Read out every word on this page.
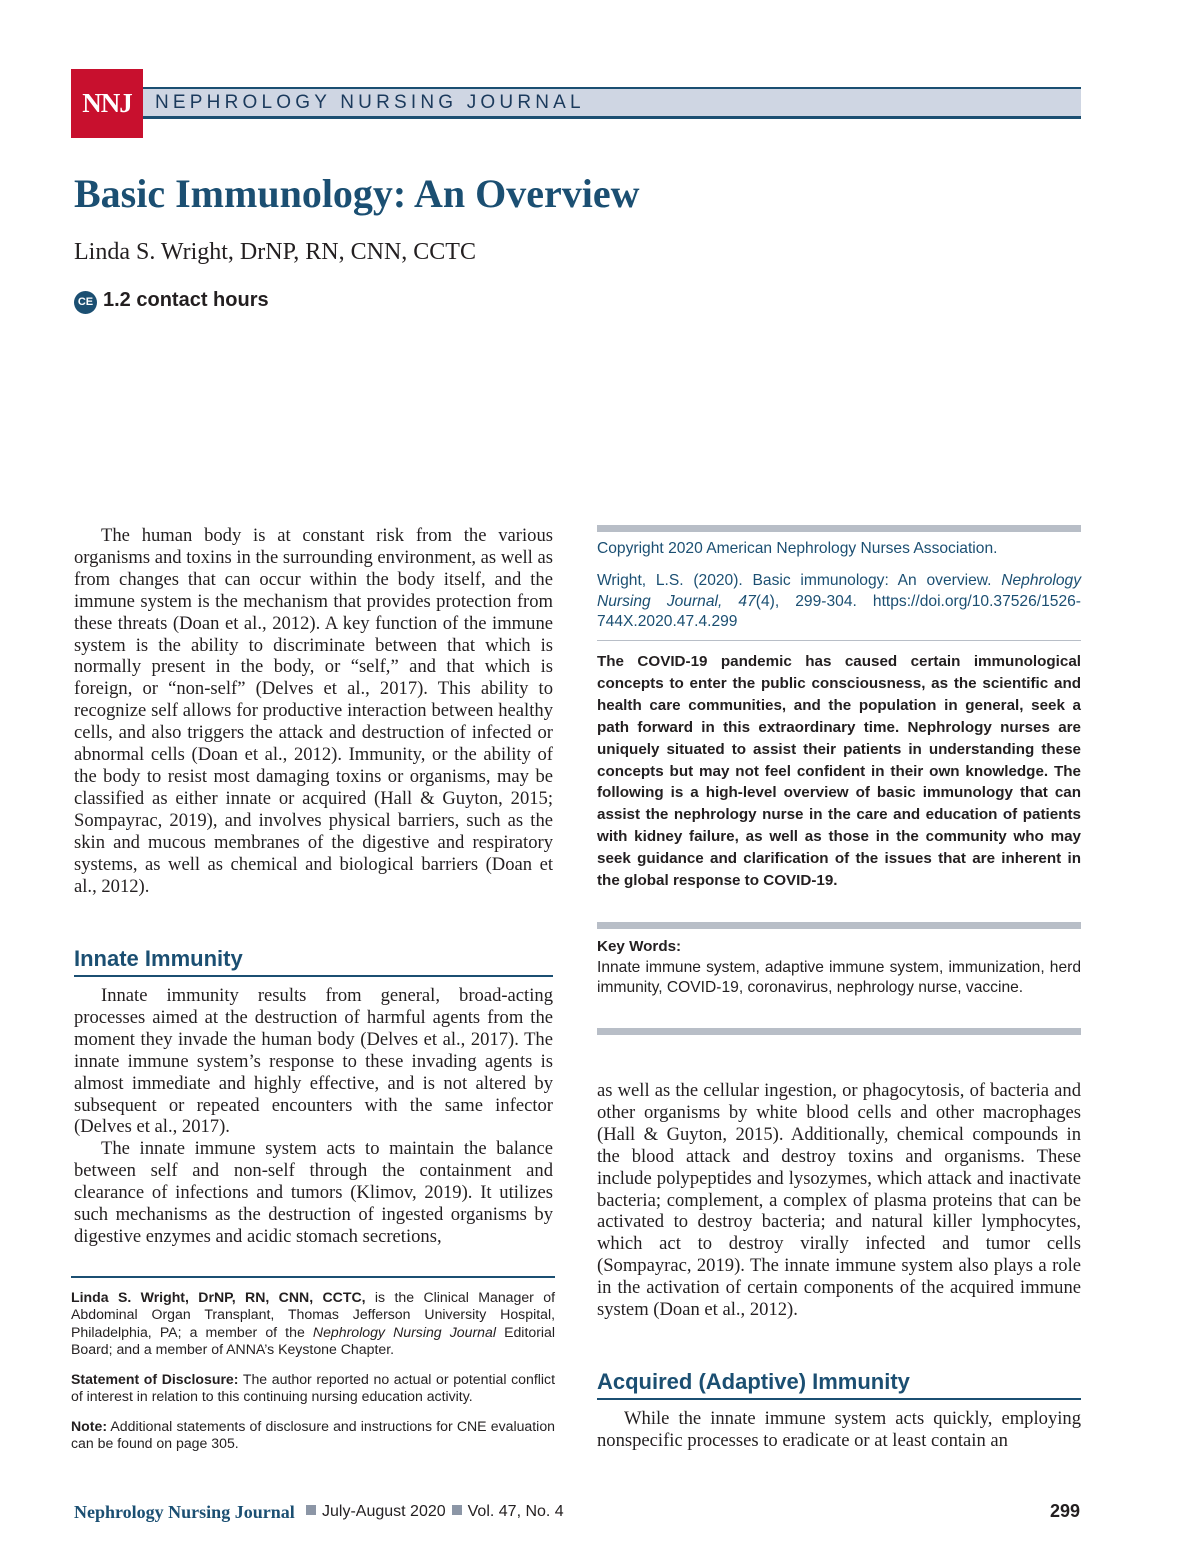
NNJ	NEPHROLOGY NURSING JOURNAL
Basic Immunology: An Overview
Linda S. Wright, DrNP, RN, CNN, CCTC
CE 1.2 contact hours

The human body is at constant risk from the various organisms and toxins in the surrounding environment, as well as from changes that can occur within the body itself, and the immune system is the mechanism that provides protection from these threats (Doan et al., 2012). A key function of the immune system is the ability to discriminate between that which is normally present in the body, or “self,” and that which is foreign, or “non-self” (Delves et al., 2017). This ability to recognize self allows for productive interaction between healthy cells, and also triggers the attack and destruction of infected or abnormal cells (Doan et al., 2012). Immunity, or the ability of the body to resist most damaging toxins or organisms, may be classified as either innate or acquired (Hall & Guyton, 2015; Sompayrac, 2019), and involves physical barriers, such as the skin and mucous membranes of the digestive and respiratory systems, as well as chemical and biological barriers (Doan et al., 2012).

Innate Immunity

Innate immunity results from general, broad-acting processes aimed at the destruction of harmful agents from the moment they invade the human body (Delves et al., 2017). The innate immune system’s response to these invading agents is almost immediate and highly effective, and is not altered by subsequent or repeated encounters with the same infector (Delves et al., 2017).

The innate immune system acts to maintain the balance between self and non-self through the containment and clearance of infections and tumors (Klimov, 2019). It utilizes such mechanisms as the destruction of ingested organisms by digestive enzymes and acidic stomach secretions,

Linda S. Wright, DrNP, RN, CNN, CCTC, is the Clinical Manager of Abdominal Organ Transplant, Thomas Jefferson University Hospital, Philadelphia, PA; a member of the Nephrology Nursing Journal Editorial Board; and a member of ANNA’s Keystone Chapter.

Statement of Disclosure: The author reported no actual or potential conflict of interest in relation to this continuing nursing education activity.

Note: Additional statements of disclosure and instructions for CNE evaluation can be found on page 305.

Copyright 2020 American Nephrology Nurses Association.

Wright, L.S. (2020). Basic immunology: An overview. Nephrology Nursing Journal, 47(4), 299-304. https://doi.org/10.37526/1526-744X.2020.47.4.299

The COVID-19 pandemic has caused certain immunological concepts to enter the public consciousness, as the scientific and health care communities, and the population in general, seek a path forward in this extraordinary time. Nephrology nurses are uniquely situated to assist their patients in understanding these concepts but may not feel confident in their own knowledge. The following is a high-level overview of basic immunology that can assist the nephrology nurse in the care and education of patients with kidney failure, as well as those in the community who may seek guidance and clarification of the issues that are inherent in the global response to COVID-19.

Key Words:

Innate immune system, adaptive immune system, immunization, herd immunity, COVID-19, coronavirus, nephrology nurse, vaccine.

as well as the cellular ingestion, or phagocytosis, of bacteria and other organisms by white blood cells and other macrophages (Hall & Guyton, 2015). Additionally, chemical compounds in the blood attack and destroy toxins and organisms. These include polypeptides and lysozymes, which attack and inactivate bacteria; complement, a complex of plasma proteins that can be activated to destroy bacteria; and natural killer lymphocytes, which act to destroy virally infected and tumor cells (Sompayrac, 2019). The innate immune system also plays a role in the activation of certain components of the acquired immune system (Doan et al., 2012).

Acquired (Adaptive) Immunity

While the innate immune system acts quickly, employing nonspecific processes to eradicate or at least contain an

Nephrology Nursing Journal	July-August 2020 Vol. 47, No. 4	299
